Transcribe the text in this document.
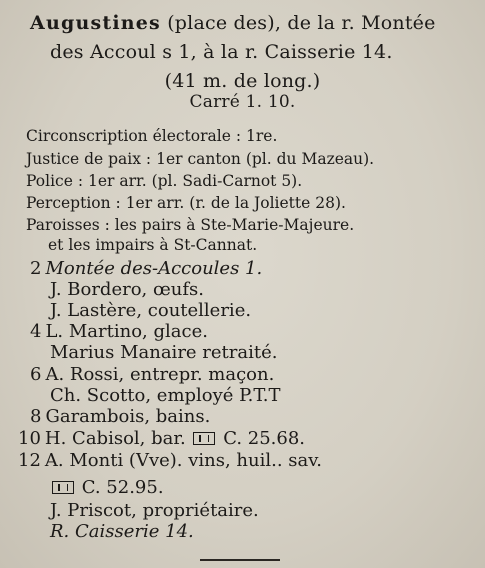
Augustines (place des), de la r. Montée
des Accoul s 1, à la r. Caisserie 14.
(41 m. de long.)
Carré 1. 10.
Circonscription électorale : 1re.
Justice de paix : 1er canton (pl. du Mazeau).
Police : 1er arr. (pl. Sadi-Carnot 5).
Perception : 1er arr. (r. de la Joliette 28).
Paroisses : les pairs à Ste-Marie-Majeure.
et les impairs à St-Cannat.
2 Montée des-Accoules 1.
J. Bordero, œufs.
J. Lastère, coutellerie.
4 L. Martino, glace.
Marius Manaire retraité.
6 A. Rossi, entrepr. maçon.
Ch. Scotto, employé P.T.T
8 Garambois, bains.
10 H. Cabisol, bar. C. 25.68.
12 A. Monti (Vve). vins, huil.. sav.
C. 52.95.
J. Priscot, propriétaire.
R. Caisserie 14.
